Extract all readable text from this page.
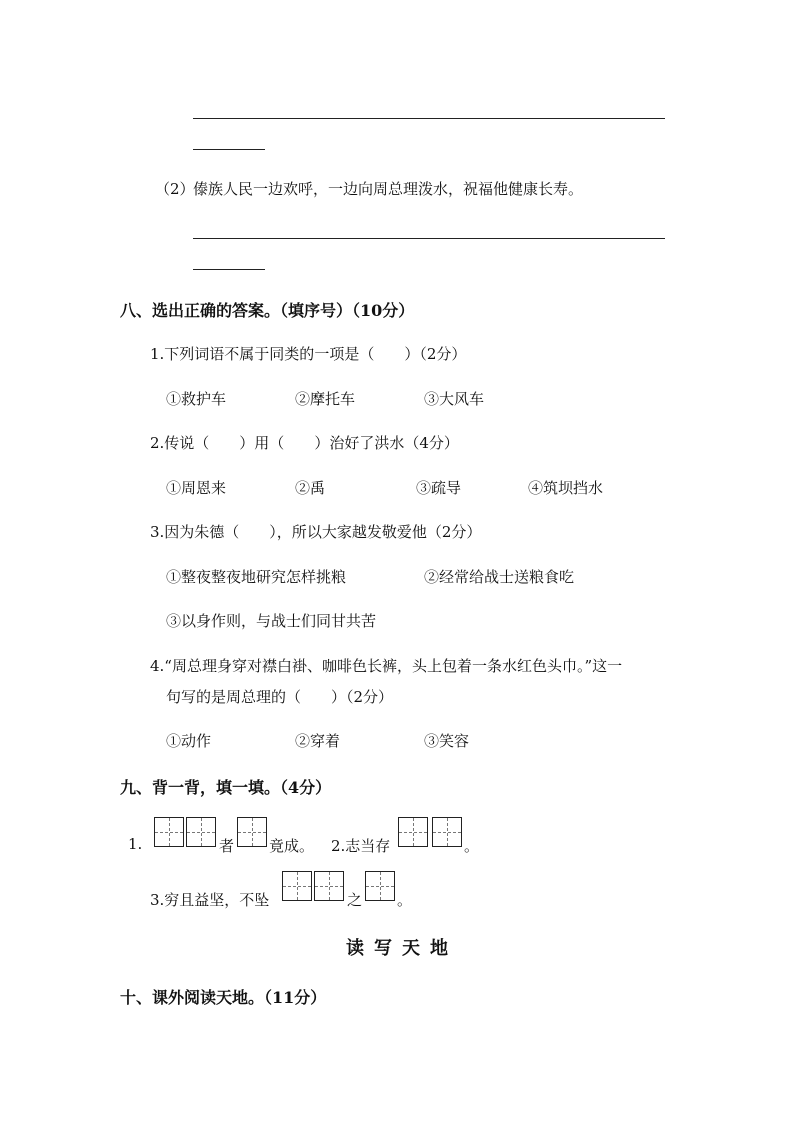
（2）
傣族人民一边欢呼，一边向周总理泼水，祝福他健康长寿。
八、选出正确的答案。（填序号）（10分）
1.下列词语不属于同类的一项是（　　）（2分）
①救护车	②摩托车	③大风车
2.传说（　　）用（　　）治好了洪水（4分）
①周恩来	②禹	③疏导	④筑坝挡水
3.因为朱德（　　），所以大家越发敬爱他（2分）
①整夜整夜地研究怎样挑粮	②经常给战士送粮食吃
③以身作则，与战士们同甘共苦
4.“周总理身穿对襟白褂、咖啡色长裤，头上包着一条水红色头巾。”这一
句写的是周总理的（　　）（2分）
①动作	②穿着	③笑容
九、背一背，填一填。（4分）
1.	者 竟成。 2.志当存	。
3.穷且益坚，不坠	之 。
读写天地
十、课外阅读天地。（11分）
